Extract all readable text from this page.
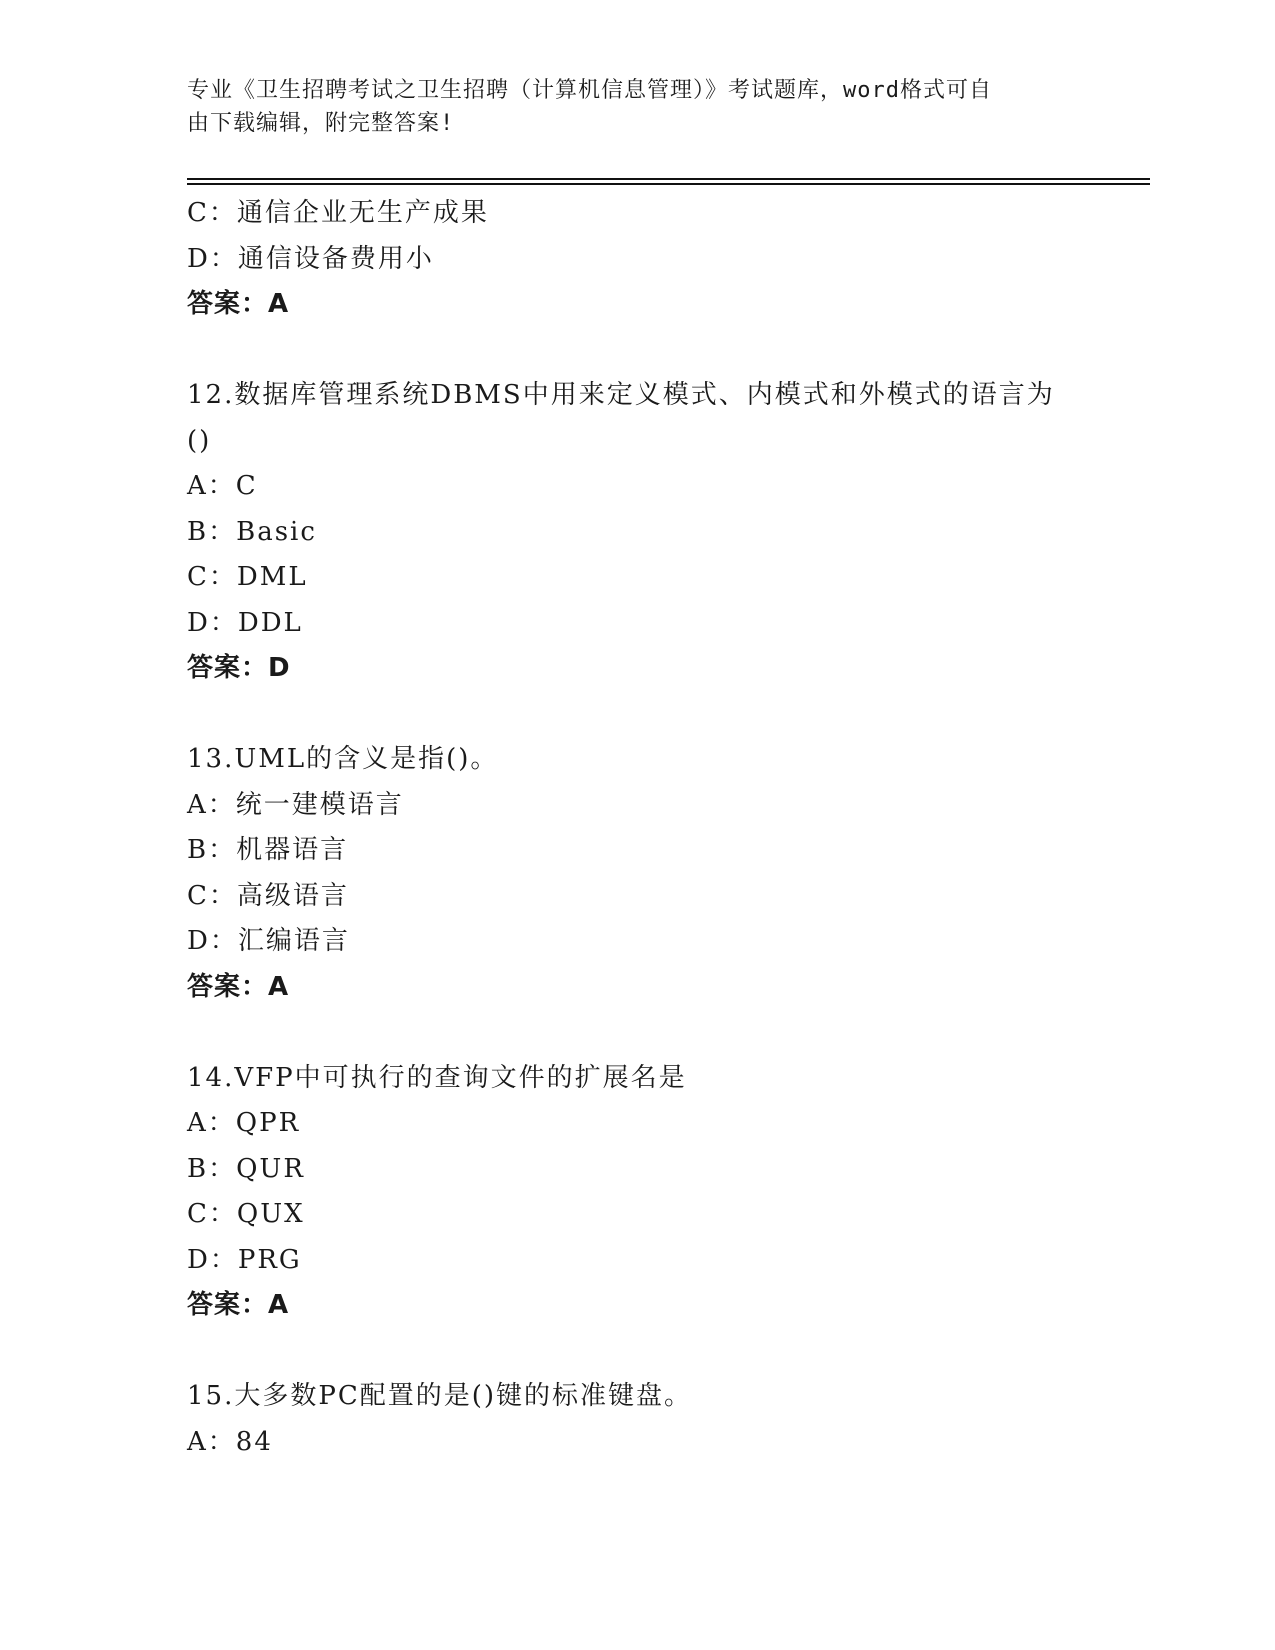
专业《卫生招聘考试之卫生招聘（计算机信息管理）》考试题库，word格式可自
由下载编辑，附完整答案!
C：通信企业无生产成果
D：通信设备费用小
答案：A
12.数据库管理系统DBMS中用来定义模式、内模式和外模式的语言为
()
A：C
B：Basic
C：DML
D：DDL
答案：D
13.UML的含义是指()。
A：统一建模语言
B：机器语言
C：高级语言
D：汇编语言
答案：A
14.VFP中可执行的查询文件的扩展名是
A：QPR
B：QUR
C：QUX
D：PRG
答案：A
15.大多数PC配置的是()键的标准键盘。
A：84
